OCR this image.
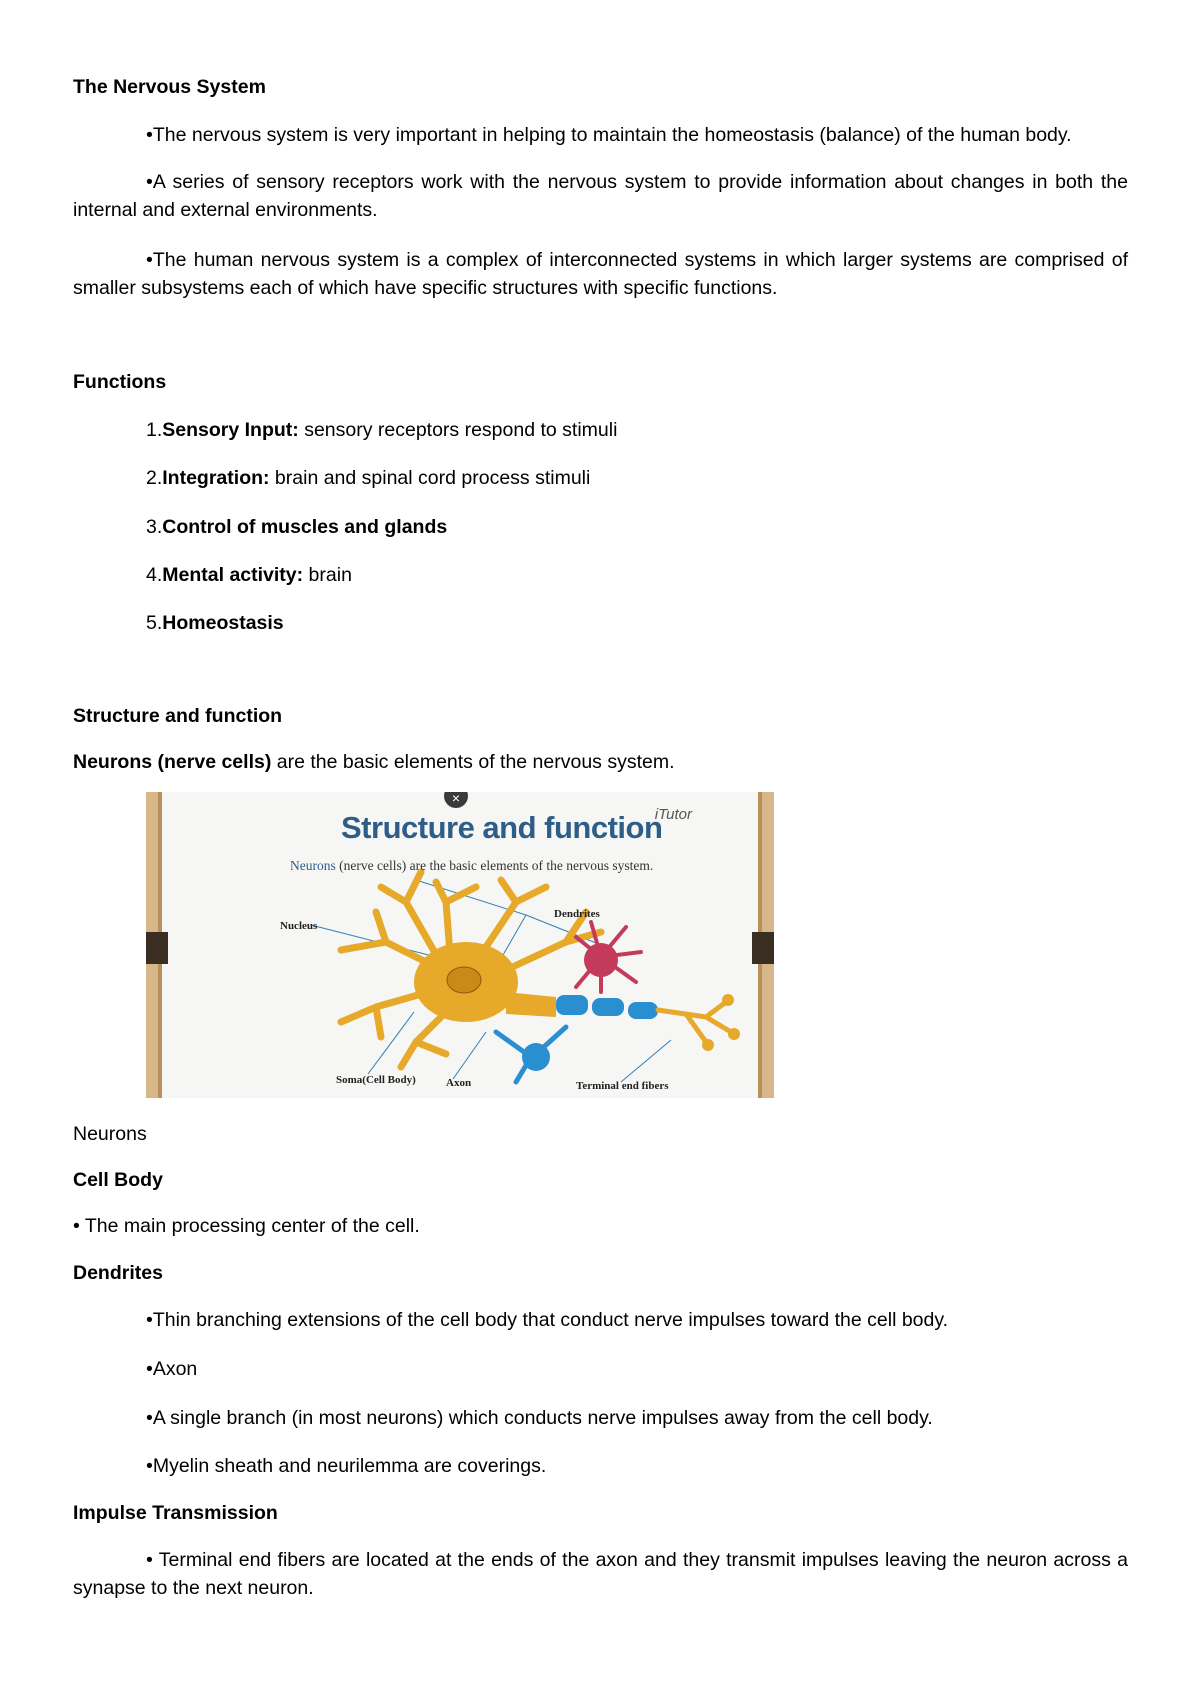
The Nervous System
•The nervous system is very important in helping to maintain the homeostasis (balance) of the human body.
•A series of sensory receptors work with the nervous system to provide information about changes in both the internal and external environments.
•The human nervous system is a complex of interconnected systems in which larger systems are comprised of smaller subsystems each of which have specific structures with specific functions.
Functions
1.Sensory Input: sensory receptors respond to stimuli
2.Integration: brain and spinal cord process stimuli
3.Control of muscles and glands
4.Mental activity: brain
5.Homeostasis
Structure and function
Neurons (nerve cells) are the basic elements of the nervous system.
×
Structure and function
iTutor
Neurons (nerve cells) are the basic elements of the nervous system.
Nucleus
Dendrites
Soma(Cell Body)	Axon	Terminal end fibers
Neurons
Cell Body
• The main processing center of the cell.
Dendrites
•Thin branching extensions of the cell body that conduct nerve impulses toward the cell body.
•Axon
•A single branch (in most neurons) which conducts nerve impulses away from the cell body.
•Myelin sheath and neurilemma are coverings.
Impulse Transmission
• Terminal end fibers are located at the ends of the axon and they transmit impulses leaving the neuron across a synapse to the next neuron.
